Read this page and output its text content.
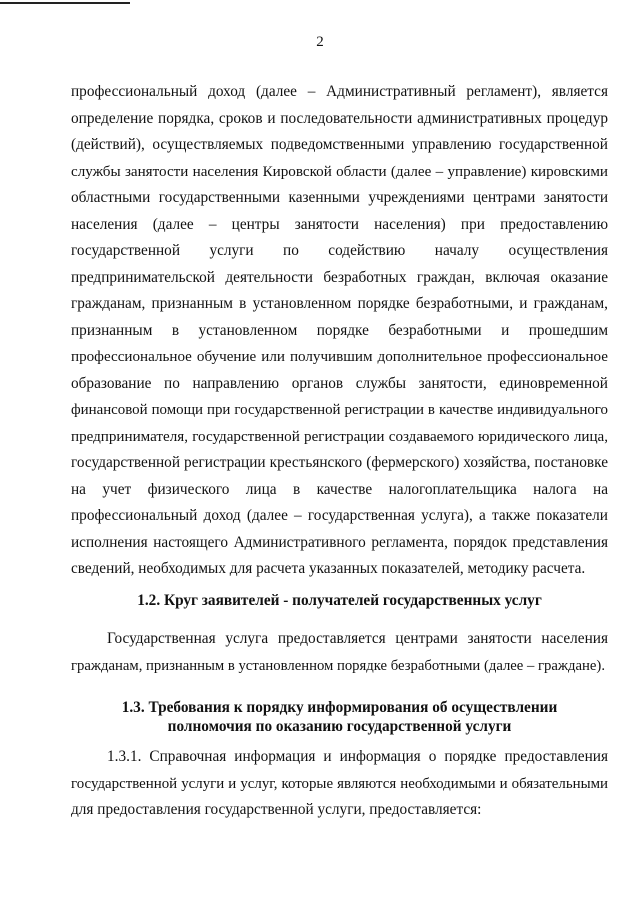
2
профессиональный доход (далее – Административный регламент), является
определение порядка, сроков и последовательности административных процедур
(действий), осуществляемых подведомственными управлению государственной
службы занятости населения Кировской области (далее – управление) кировскими
областными государственными казенными учреждениями центрами занятости
населения (далее – центры занятости населения) при предоставлению
государственной услуги по содействию началу осуществления
предпринимательской деятельности безработных граждан, включая оказание
гражданам, признанным в установленном порядке безработными, и гражданам,
признанным в установленном порядке безработными и прошедшим
профессиональное обучение или получившим дополнительное профессиональное
образование по направлению органов службы занятости, единовременной
финансовой помощи при государственной регистрации в качестве индивидуального
предпринимателя, государственной регистрации создаваемого юридического лица,
государственной регистрации крестьянского (фермерского) хозяйства, постановке
на учет физического лица в качестве налогоплательщика налога на
профессиональный доход (далее – государственная услуга), а также показатели
исполнения настоящего Административного регламента, порядок представления
сведений, необходимых для расчета указанных показателей, методику расчета.
1.2. Круг заявителей - получателей государственных услуг
Государственная услуга предоставляется центрами занятости населения
гражданам, признанным в установленном порядке безработными (далее – граждане).
1.3. Требования к порядку информирования об осуществлении
полномочия по оказанию государственной услуги
1.3.1. Справочная информация и информация о порядке предоставления
государственной услуги и услуг, которые являются необходимыми и обязательными
для предоставления государственной услуги, предоставляется:
